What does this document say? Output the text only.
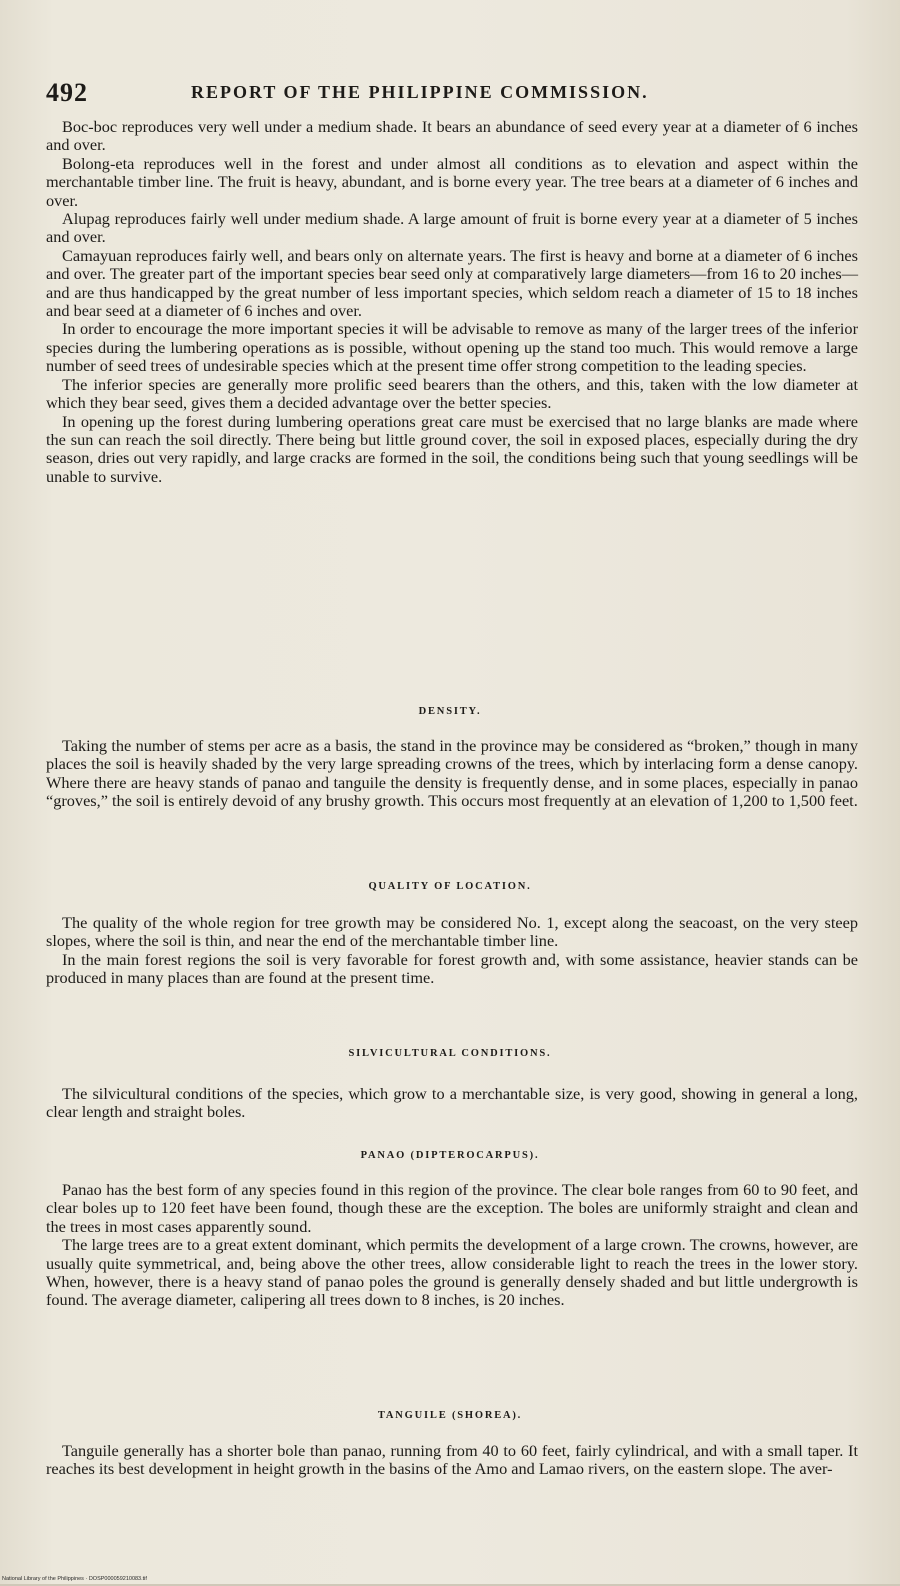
492	REPORT OF THE PHILIPPINE COMMISSION.

Boc-boc reproduces very well under a medium shade. It bears an abundance of seed every year at a diameter of 6 inches and over.

Bolong-eta reproduces well in the forest and under almost all conditions as to elevation and aspect within the merchantable timber line. The fruit is heavy, abundant, and is borne every year. The tree bears at a diameter of 6 inches and over.

Alupag reproduces fairly well under medium shade. A large amount of fruit is borne every year at a diameter of 5 inches and over.

Camayuan reproduces fairly well, and bears only on alternate years. The first is heavy and borne at a diameter of 6 inches and over. The greater part of the important species bear seed only at comparatively large diameters—from 16 to 20 inches—and are thus handicapped by the great number of less important species, which seldom reach a diameter of 15 to 18 inches and bear seed at a diameter of 6 inches and over.

In order to encourage the more important species it will be advisable to remove as many of the larger trees of the inferior species during the lumbering operations as is possible, without opening up the stand too much. This would remove a large number of seed trees of undesirable species which at the present time offer strong competition to the leading species.

The inferior species are generally more prolific seed bearers than the others, and this, taken with the low diameter at which they bear seed, gives them a decided advantage over the better species.

In opening up the forest during lumbering operations great care must be exercised that no large blanks are made where the sun can reach the soil directly. There being but little ground cover, the soil in exposed places, especially during the dry season, dries out very rapidly, and large cracks are formed in the soil, the conditions being such that young seedlings will be unable to survive.

DENSITY.

Taking the number of stems per acre as a basis, the stand in the province may be considered as “broken,” though in many places the soil is heavily shaded by the very large spreading crowns of the trees, which by interlacing form a dense canopy. Where there are heavy stands of panao and tanguile the density is frequently dense, and in some places, especially in panao “groves,” the soil is entirely devoid of any brushy growth. This occurs most frequently at an elevation of 1,200 to 1,500 feet.

QUALITY OF LOCATION.

The quality of the whole region for tree growth may be considered No. 1, except along the seacoast, on the very steep slopes, where the soil is thin, and near the end of the merchantable timber line.

In the main forest regions the soil is very favorable for forest growth and, with some assistance, heavier stands can be produced in many places than are found at the present time.

SILVICULTURAL CONDITIONS.

The silvicultural conditions of the species, which grow to a merchantable size, is very good, showing in general a long, clear length and straight boles.

PANAO (DIPTEROCARPUS).

Panao has the best form of any species found in this region of the province. The clear bole ranges from 60 to 90 feet, and clear boles up to 120 feet have been found, though these are the exception. The boles are uniformly straight and clean and the trees in most cases apparently sound.

The large trees are to a great extent dominant, which permits the development of a large crown. The crowns, however, are usually quite symmetrical, and, being above the other trees, allow considerable light to reach the trees in the lower story. When, however, there is a heavy stand of panao poles the ground is generally densely shaded and but little undergrowth is found. The average diameter, calipering all trees down to 8 inches, is 20 inches.

TANGUILE (SHOREA).

Tanguile generally has a shorter bole than panao, running from 40 to 60 feet, fairly cylindrical, and with a small taper. It reaches its best development in height growth in the basins of the Amo and Lamao rivers, on the eastern slope. The aver-

National Library of the Philippines · DOSP000059210083.tif
